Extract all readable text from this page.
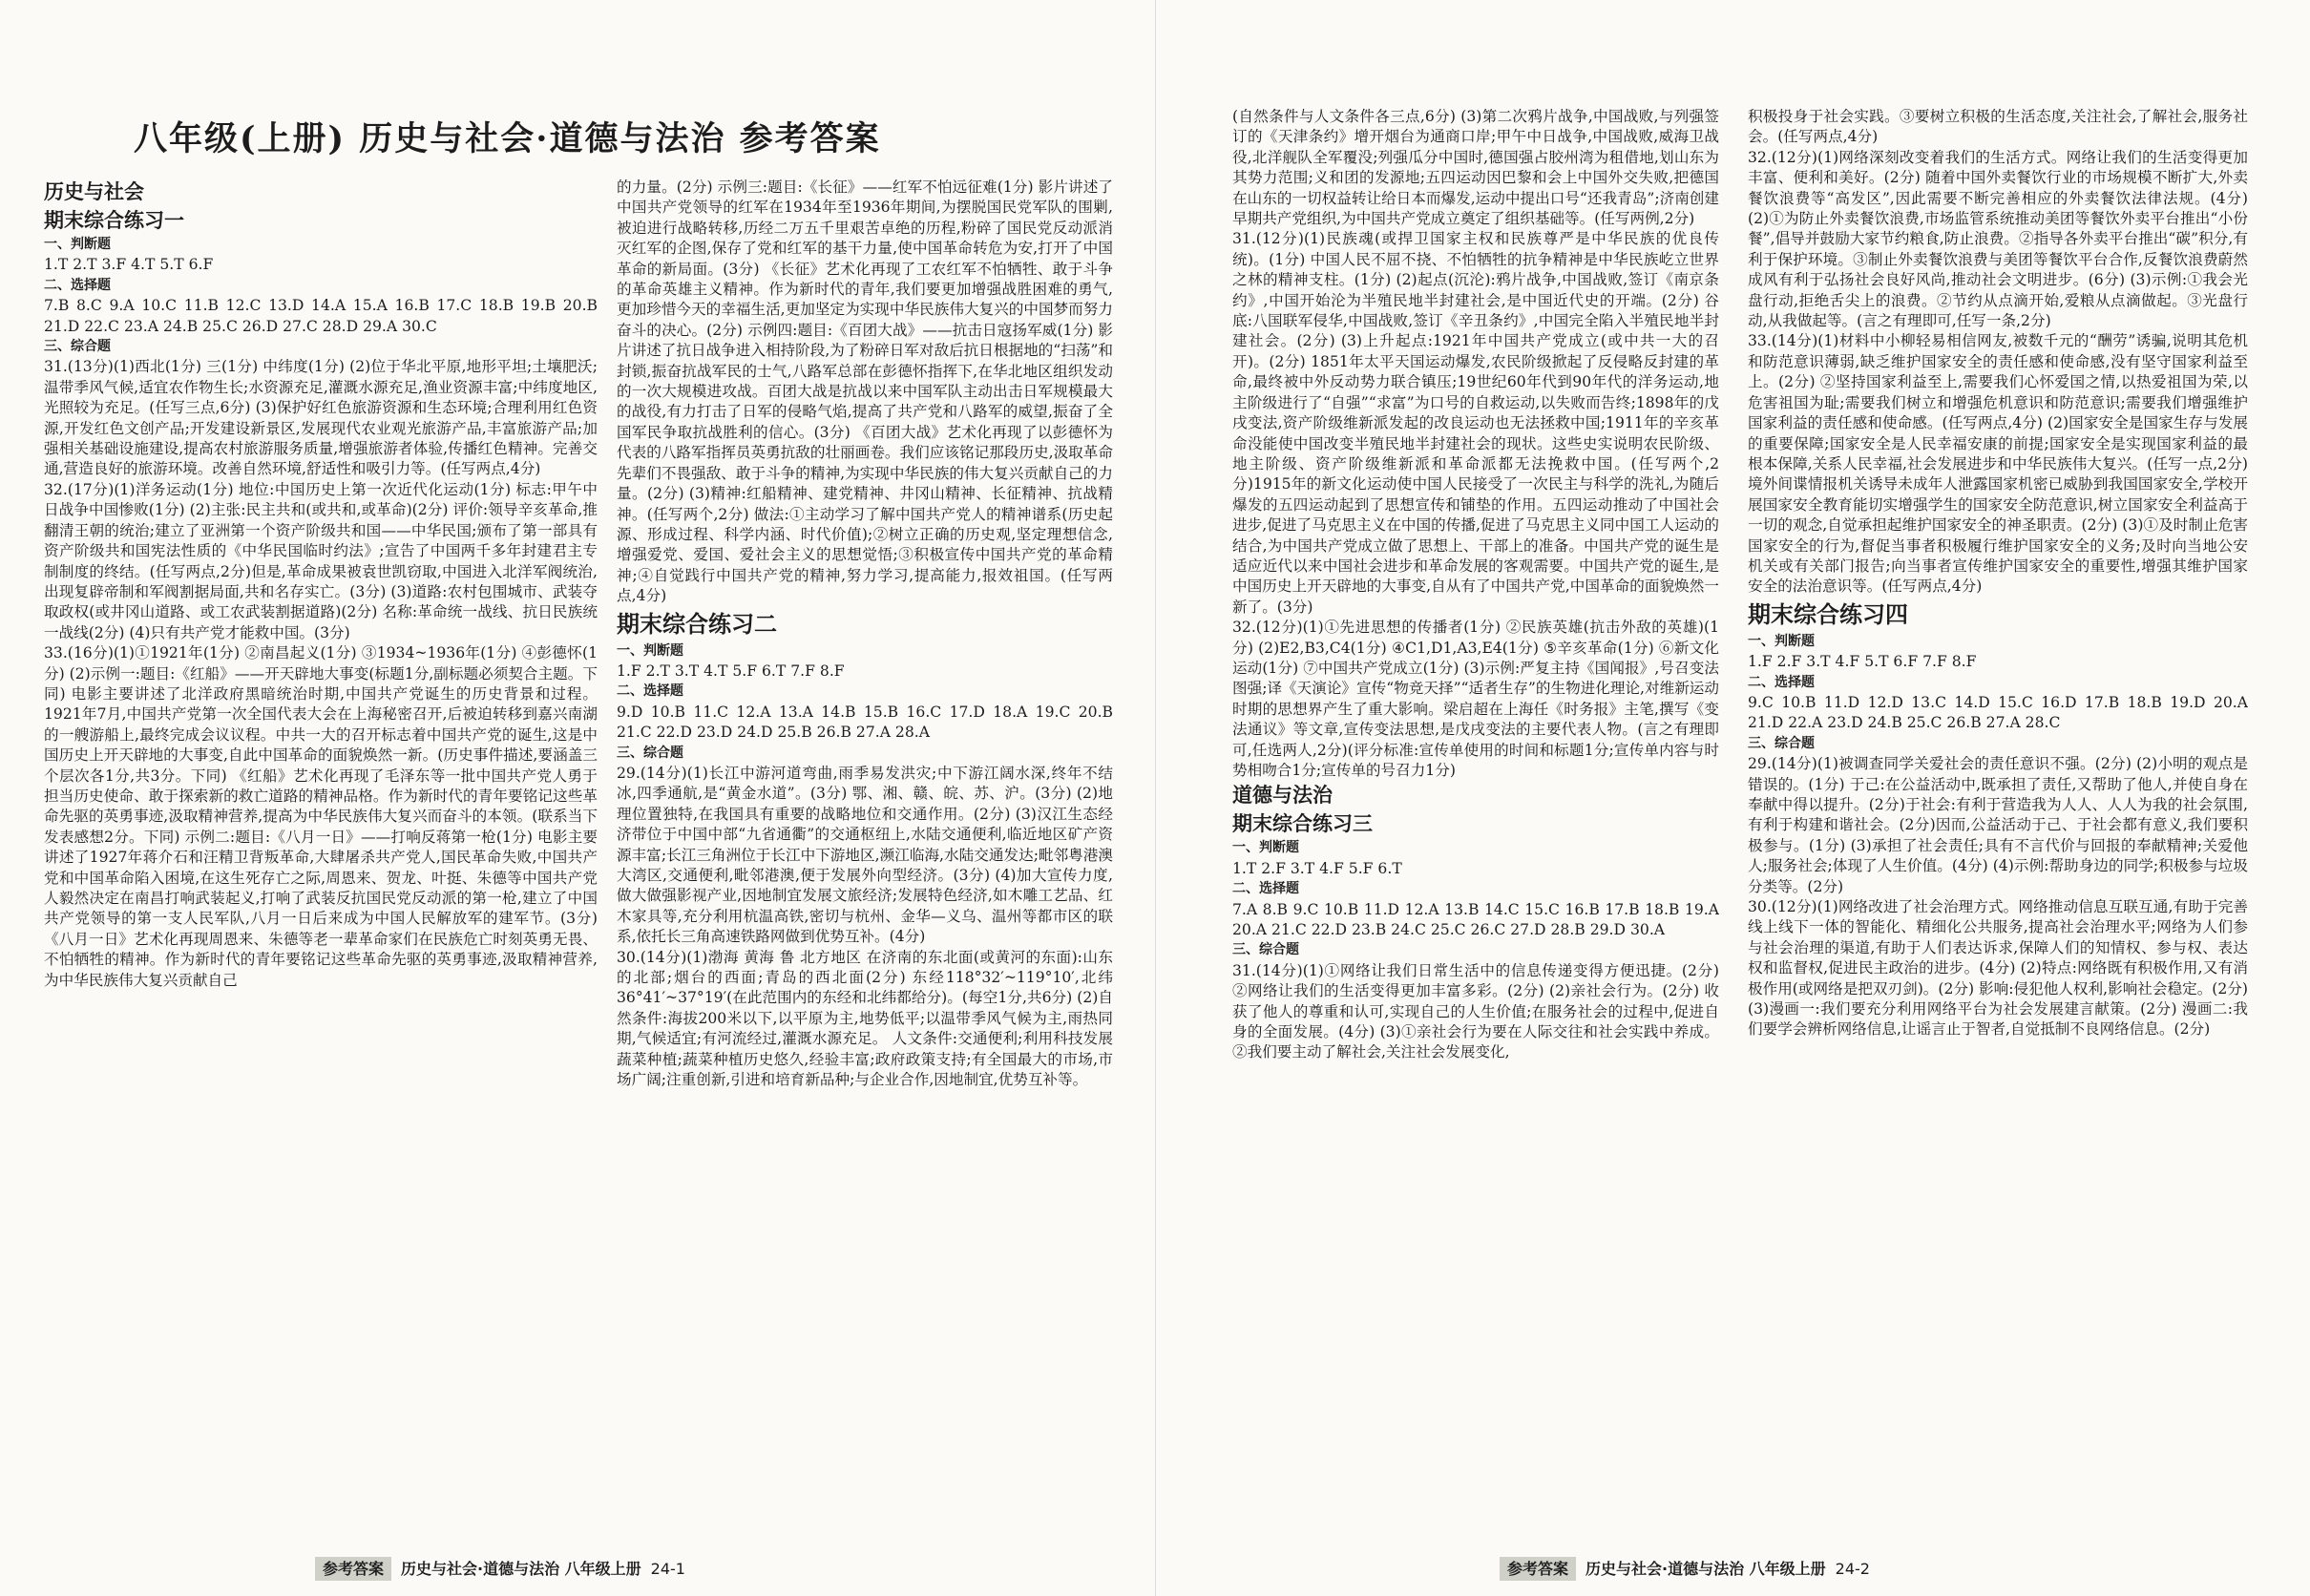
八年级(上册) 历史与社会·道德与法治 参考答案

历史与社会

期末综合练习一

一、判断题

1.T 2.T 3.F 4.T 5.T 6.F

二、选择题

7.B 8.C 9.A 10.C 11.B 12.C 13.D 14.A 15.A 16.B 17.C 18.B 19.B 20.B 21.D 22.C 23.A 24.B 25.C 26.D 27.C 28.D 29.A 30.C

三、综合题

31.(13分)(1)西北(1分) 三(1分) 中纬度(1分) (2)位于华北平原,地形平坦;土壤肥沃;温带季风气候,适宜农作物生长;水资源充足,灌溉水源充足,渔业资源丰富;中纬度地区,光照较为充足。(任写三点,6分) (3)保护好红色旅游资源和生态环境;合理利用红色资源,开发红色文创产品;开发建设新景区,发展现代农业观光旅游产品,丰富旅游产品;加强相关基础设施建设,提高农村旅游服务质量,增强旅游者体验,传播红色精神。完善交通,营造良好的旅游环境。改善自然环境,舒适性和吸引力等。(任写两点,4分)

32.(17分)(1)洋务运动(1分) 地位:中国历史上第一次近代化运动(1分) 标志:甲午中日战争中国惨败(1分) (2)主张:民主共和(或共和,或革命)(2分) 评价:领导辛亥革命,推翻清王朝的统治;建立了亚洲第一个资产阶级共和国——中华民国;颁布了第一部具有资产阶级共和国宪法性质的《中华民国临时约法》;宣告了中国两千多年封建君主专制制度的终结。(任写两点,2分)但是,革命成果被袁世凯窃取,中国进入北洋军阀统治,出现复辟帝制和军阀割据局面,共和名存实亡。(3分) (3)道路:农村包围城市、武装夺取政权(或井冈山道路、或工农武装割据道路)(2分) 名称:革命统一战线、抗日民族统一战线(2分) (4)只有共产党才能救中国。(3分)

33.(16分)(1)①1921年(1分) ②南昌起义(1分) ③1934~1936年(1分) ④彭德怀(1分) (2)示例一:题目:《红船》——开天辟地大事变(标题1分,副标题必须契合主题。下同) 电影主要讲述了北洋政府黑暗统治时期,中国共产党诞生的历史背景和过程。1921年7月,中国共产党第一次全国代表大会在上海秘密召开,后被迫转移到嘉兴南湖的一艘游船上,最终完成会议议程。中共一大的召开标志着中国共产党的诞生,这是中国历史上开天辟地的大事变,自此中国革命的面貌焕然一新。(历史事件描述,要涵盖三个层次各1分,共3分。下同) 《红船》艺术化再现了毛泽东等一批中国共产党人勇于担当历史使命、敢于探索新的救亡道路的精神品格。作为新时代的青年要铭记这些革命先驱的英勇事迹,汲取精神营养,提高为中华民族伟大复兴而奋斗的本领。(联系当下发表感想2分。下同) 示例二:题目:《八月一日》——打响反蒋第一枪(1分) 电影主要讲述了1927年蒋介石和汪精卫背叛革命,大肆屠杀共产党人,国民革命失败,中国共产党和中国革命陷入困境,在这生死存亡之际,周恩来、贺龙、叶挺、朱德等中国共产党人毅然决定在南昌打响武装起义,打响了武装反抗国民党反动派的第一枪,建立了中国共产党领导的第一支人民军队,八月一日后来成为中国人民解放军的建军节。(3分) 《八月一日》艺术化再现周恩来、朱德等老一辈革命家们在民族危亡时刻英勇无畏、不怕牺牲的精神。作为新时代的青年要铭记这些革命先驱的英勇事迹,汲取精神营养,为中华民族伟大复兴贡献自己

的力量。(2分) 示例三:题目:《长征》——红军不怕远征难(1分) 影片讲述了中国共产党领导的红军在1934年至1936年期间,为摆脱国民党军队的围剿,被迫进行战略转移,历经二万五千里艰苦卓绝的历程,粉碎了国民党反动派消灭红军的企图,保存了党和红军的基干力量,使中国革命转危为安,打开了中国革命的新局面。(3分) 《长征》艺术化再现了工农红军不怕牺牲、敢于斗争的革命英雄主义精神。作为新时代的青年,我们要更加增强战胜困难的勇气,更加珍惜今天的幸福生活,更加坚定为实现中华民族伟大复兴的中国梦而努力奋斗的决心。(2分) 示例四:题目:《百团大战》——抗击日寇扬军威(1分) 影片讲述了抗日战争进入相持阶段,为了粉碎日军对敌后抗日根据地的“扫荡”和封锁,振奋抗战军民的士气,八路军总部在彭德怀指挥下,在华北地区组织发动的一次大规模进攻战。百团大战是抗战以来中国军队主动出击日军规模最大的战役,有力打击了日军的侵略气焰,提高了共产党和八路军的威望,振奋了全国军民争取抗战胜利的信心。(3分) 《百团大战》艺术化再现了以彭德怀为代表的八路军指挥员英勇抗敌的壮丽画卷。我们应该铭记那段历史,汲取革命先辈们不畏强敌、敢于斗争的精神,为实现中华民族的伟大复兴贡献自己的力量。(2分) (3)精神:红船精神、建党精神、井冈山精神、长征精神、抗战精神。(任写两个,2分) 做法:①主动学习了解中国共产党人的精神谱系(历史起源、形成过程、科学内涵、时代价值);②树立正确的历史观,坚定理想信念,增强爱党、爱国、爱社会主义的思想觉悟;③积极宣传中国共产党的革命精神;④自觉践行中国共产党的精神,努力学习,提高能力,报效祖国。(任写两点,4分)

期末综合练习二

一、判断题

1.F 2.T 3.T 4.T 5.F 6.T 7.F 8.F

二、选择题

9.D 10.B 11.C 12.A 13.A 14.B 15.B 16.C 17.D 18.A 19.C 20.B 21.C 22.D 23.D 24.D 25.B 26.B 27.A 28.A

三、综合题

29.(14分)(1)长江中游河道弯曲,雨季易发洪灾;中下游江阔水深,终年不结冰,四季通航,是“黄金水道”。(3分) 鄂、湘、赣、皖、苏、沪。(3分) (2)地理位置独特,在我国具有重要的战略地位和交通作用。(2分) (3)汉江生态经济带位于中国中部“九省通衢”的交通枢纽上,水陆交通便利,临近地区矿产资源丰富;长江三角洲位于长江中下游地区,濒江临海,水陆交通发达;毗邻粤港澳大湾区,交通便利,毗邻港澳,便于发展外向型经济。(3分) (4)加大宣传力度,做大做强影视产业,因地制宜发展文旅经济;发展特色经济,如木雕工艺品、红木家具等,充分利用杭温高铁,密切与杭州、金华—义乌、温州等都市区的联系,依托长三角高速铁路网做到优势互补。(4分)

30.(14分)(1)渤海 黄海 鲁 北方地区 在济南的东北面(或黄河的东面):山东的北部;烟台的西面;青岛的西北面(2分) 东经118°32′~119°10′,北纬36°41′~37°19′(在此范围内的东经和北纬都给分)。(每空1分,共6分) (2)自然条件:海拔200米以下,以平原为主,地势低平;以温带季风气候为主,雨热同期,气候适宜;有河流经过,灌溉水源充足。 人文条件:交通便利;利用科技发展蔬菜种植;蔬菜种植历史悠久,经验丰富;政府政策支持;有全国最大的市场,市场广阔;注重创新,引进和培育新品种;与企业合作,因地制宜,优势互补等。

参考答案 历史与社会·道德与法治 八年级上册 24-1

(自然条件与人文条件各三点,6分) (3)第二次鸦片战争,中国战败,与列强签订的《天津条约》增开烟台为通商口岸;甲午中日战争,中国战败,威海卫战役,北洋舰队全军覆没;列强瓜分中国时,德国强占胶州湾为租借地,划山东为其势力范围;义和团的发源地;五四运动因巴黎和会上中国外交失败,把德国在山东的一切权益转让给日本而爆发,运动中提出口号“还我青岛”;济南创建早期共产党组织,为中国共产党成立奠定了组织基础等。(任写两例,2分)

31.(12分)(1)民族魂(或捍卫国家主权和民族尊严是中华民族的优良传统)。(1分) 中国人民不屈不挠、不怕牺牲的抗争精神是中华民族屹立世界之林的精神支柱。(1分) (2)起点(沉沦):鸦片战争,中国战败,签订《南京条约》,中国开始沦为半殖民地半封建社会,是中国近代史的开端。(2分) 谷底:八国联军侵华,中国战败,签订《辛丑条约》,中国完全陷入半殖民地半封建社会。(2分) (3)上升起点:1921年中国共产党成立(或中共一大的召开)。(2分) 1851年太平天国运动爆发,农民阶级掀起了反侵略反封建的革命,最终被中外反动势力联合镇压;19世纪60年代到90年代的洋务运动,地主阶级进行了“自强”“求富”为口号的自救运动,以失败而告终;1898年的戊戌变法,资产阶级维新派发起的改良运动也无法拯救中国;1911年的辛亥革命没能使中国改变半殖民地半封建社会的现状。这些史实说明农民阶级、地主阶级、资产阶级维新派和革命派都无法挽救中国。(任写两个,2分)1915年的新文化运动使中国人民接受了一次民主与科学的洗礼,为随后爆发的五四运动起到了思想宣传和铺垫的作用。五四运动推动了中国社会进步,促进了马克思主义在中国的传播,促进了马克思主义同中国工人运动的结合,为中国共产党成立做了思想上、干部上的准备。中国共产党的诞生是适应近代以来中国社会进步和革命发展的客观需要。中国共产党的诞生,是中国历史上开天辟地的大事变,自从有了中国共产党,中国革命的面貌焕然一新了。(3分)

32.(12分)(1)①先进思想的传播者(1分) ②民族英雄(抗击外敌的英雄)(1分) (2)E2,B3,C4(1分) ④C1,D1,A3,E4(1分) ⑤辛亥革命(1分) ⑥新文化运动(1分) ⑦中国共产党成立(1分) (3)示例:严复主持《国闻报》,号召变法图强;译《天演论》宣传“物竞天择”“适者生存”的生物进化理论,对维新运动时期的思想界产生了重大影响。梁启超在上海任《时务报》主笔,撰写《变法通议》等文章,宣传变法思想,是戊戌变法的主要代表人物。(言之有理即可,任选两人,2分)(评分标准:宣传单使用的时间和标题1分;宣传单内容与时势相吻合1分;宣传单的号召力1分)

道德与法治

期末综合练习三

一、判断题

1.T 2.F 3.T 4.F 5.F 6.T

二、选择题

7.A 8.B 9.C 10.B 11.D 12.A 13.B 14.C 15.C 16.B 17.B 18.B 19.A 20.A 21.C 22.D 23.B 24.C 25.C 26.C 27.D 28.B 29.D 30.A

三、综合题

31.(14分)(1)①网络让我们日常生活中的信息传递变得方便迅捷。(2分) ②网络让我们的生活变得更加丰富多彩。(2分) (2)亲社会行为。(2分) 收获了他人的尊重和认可,实现自己的人生价值;在服务社会的过程中,促进自身的全面发展。(4分) (3)①亲社会行为要在人际交往和社会实践中养成。②我们要主动了解社会,关注社会发展变化,

积极投身于社会实践。③要树立积极的生活态度,关注社会,了解社会,服务社会。(任写两点,4分)

32.(12分)(1)网络深刻改变着我们的生活方式。网络让我们的生活变得更加丰富、便利和美好。(2分) 随着中国外卖餐饮行业的市场规模不断扩大,外卖餐饮浪费等“高发区”,因此需要不断完善相应的外卖餐饮法律法规。(4分) (2)①为防止外卖餐饮浪费,市场监管系统推动美团等餐饮外卖平台推出“小份餐”,倡导并鼓励大家节约粮食,防止浪费。②指导各外卖平台推出“碳”积分,有利于保护环境。③制止外卖餐饮浪费与美团等餐饮平台合作,反餐饮浪费蔚然成风有利于弘扬社会良好风尚,推动社会文明进步。(6分) (3)示例:①我会光盘行动,拒绝舌尖上的浪费。②节约从点滴开始,爱粮从点滴做起。③光盘行动,从我做起等。(言之有理即可,任写一条,2分)

33.(14分)(1)材料中小柳轻易相信网友,被数千元的“酬劳”诱骗,说明其危机和防范意识薄弱,缺乏维护国家安全的责任感和使命感,没有坚守国家利益至上。(2分) ②坚持国家利益至上,需要我们心怀爱国之情,以热爱祖国为荣,以危害祖国为耻;需要我们树立和增强危机意识和防范意识;需要我们增强维护国家利益的责任感和使命感。(任写两点,4分) (2)国家安全是国家生存与发展的重要保障;国家安全是人民幸福安康的前提;国家安全是实现国家利益的最根本保障,关系人民幸福,社会发展进步和中华民族伟大复兴。(任写一点,2分) 境外间谍情报机关诱导未成年人泄露国家机密已威胁到我国国家安全,学校开展国家安全教育能切实增强学生的国家安全防范意识,树立国家安全利益高于一切的观念,自觉承担起维护国家安全的神圣职责。(2分) (3)①及时制止危害国家安全的行为,督促当事者积极履行维护国家安全的义务;及时向当地公安机关或有关部门报告;向当事者宣传维护国家安全的重要性,增强其维护国家安全的法治意识等。(任写两点,4分)

期末综合练习四

一、判断题

1.F 2.F 3.T 4.F 5.T 6.F 7.F 8.F

二、选择题

9.C 10.B 11.D 12.D 13.C 14.D 15.C 16.D 17.B 18.B 19.D 20.A 21.D 22.A 23.D 24.B 25.C 26.B 27.A 28.C

三、综合题

29.(14分)(1)被调查同学关爱社会的责任意识不强。(2分) (2)小明的观点是错误的。(1分) 于己:在公益活动中,既承担了责任,又帮助了他人,并使自身在奉献中得以提升。(2分)于社会:有利于营造我为人人、人人为我的社会氛围,有利于构建和谐社会。(2分)因而,公益活动于己、于社会都有意义,我们要积极参与。(1分) (3)承担了社会责任;具有不言代价与回报的奉献精神;关爱他人;服务社会;体现了人生价值。(4分) (4)示例:帮助身边的同学;积极参与垃圾分类等。(2分)

30.(12分)(1)网络改进了社会治理方式。网络推动信息互联互通,有助于完善线上线下一体的智能化、精细化公共服务,提高社会治理水平;网络为人们参与社会治理的渠道,有助于人们表达诉求,保障人们的知情权、参与权、表达权和监督权,促进民主政治的进步。(4分) (2)特点:网络既有积极作用,又有消极作用(或网络是把双刃剑)。(2分) 影响:侵犯他人权利,影响社会稳定。(2分) (3)漫画一:我们要充分利用网络平台为社会发展建言献策。(2分) 漫画二:我们要学会辨析网络信息,让谣言止于智者,自觉抵制不良网络信息。(2分)

参考答案 历史与社会·道德与法治 八年级上册 24-2
